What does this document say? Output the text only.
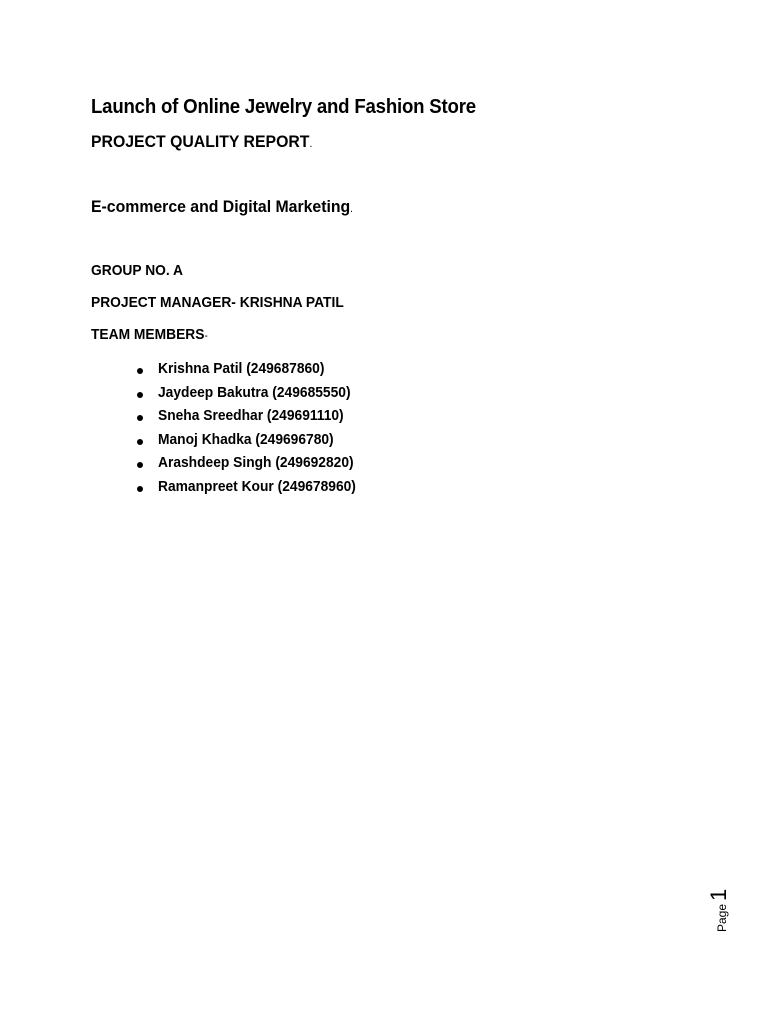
Launch of Online Jewelry and Fashion Store
PROJECT QUALITY REPORT.
E-commerce and Digital Marketing.
GROUP NO. A
PROJECT MANAGER- KRISHNA PATIL
TEAM MEMBERS-
Krishna Patil (249687860)
Jaydeep Bakutra (249685550)
Sneha Sreedhar (249691110)
Manoj Khadka (249696780)
Arashdeep Singh (249692820)
Ramanpreet Kour (249678960)
Page1
